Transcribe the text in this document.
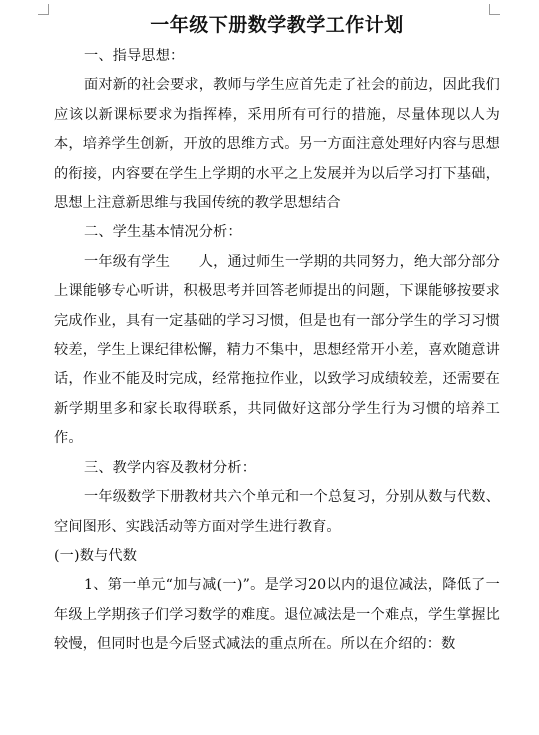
一年级下册数学教学工作计划

一、指导思想：

面对新的社会要求，教师与学生应首先走了社会的前边，因此我们应该以新课标要求为指挥棒，采用所有可行的措施，尽量体现以人为本，培养学生创新，开放的思维方式。另一方面注意处理好内容与思想的衔接，内容要在学生上学期的水平之上发展并为以后学习打下基础，思想上注意新思维与我国传统的教学思想结合

二、学生基本情况分析：

一年级有学生　　人，通过师生一学期的共同努力，绝大部分部分上课能够专心听讲，积极思考并回答老师提出的问题，下课能够按要求完成作业，具有一定基础的学习习惯，但是也有一部分学生的学习习惯较差，学生上课纪律松懈，精力不集中，思想经常开小差，喜欢随意讲话，作业不能及时完成，经常拖拉作业，以致学习成绩较差，还需要在新学期里多和家长取得联系，共同做好这部分学生行为习惯的培养工作。

三、教学内容及教材分析：

一年级数学下册教材共六个单元和一个总复习，分别从数与代数、空间图形、实践活动等方面对学生进行教育。

(一)数与代数

1、第一单元“加与减(一)”。是学习20以内的退位减法，降低了一年级上学期孩子们学习数学的难度。退位减法是一个难点，学生掌握比较慢，但同时也是今后竖式减法的重点所在。所以在介绍的：数
